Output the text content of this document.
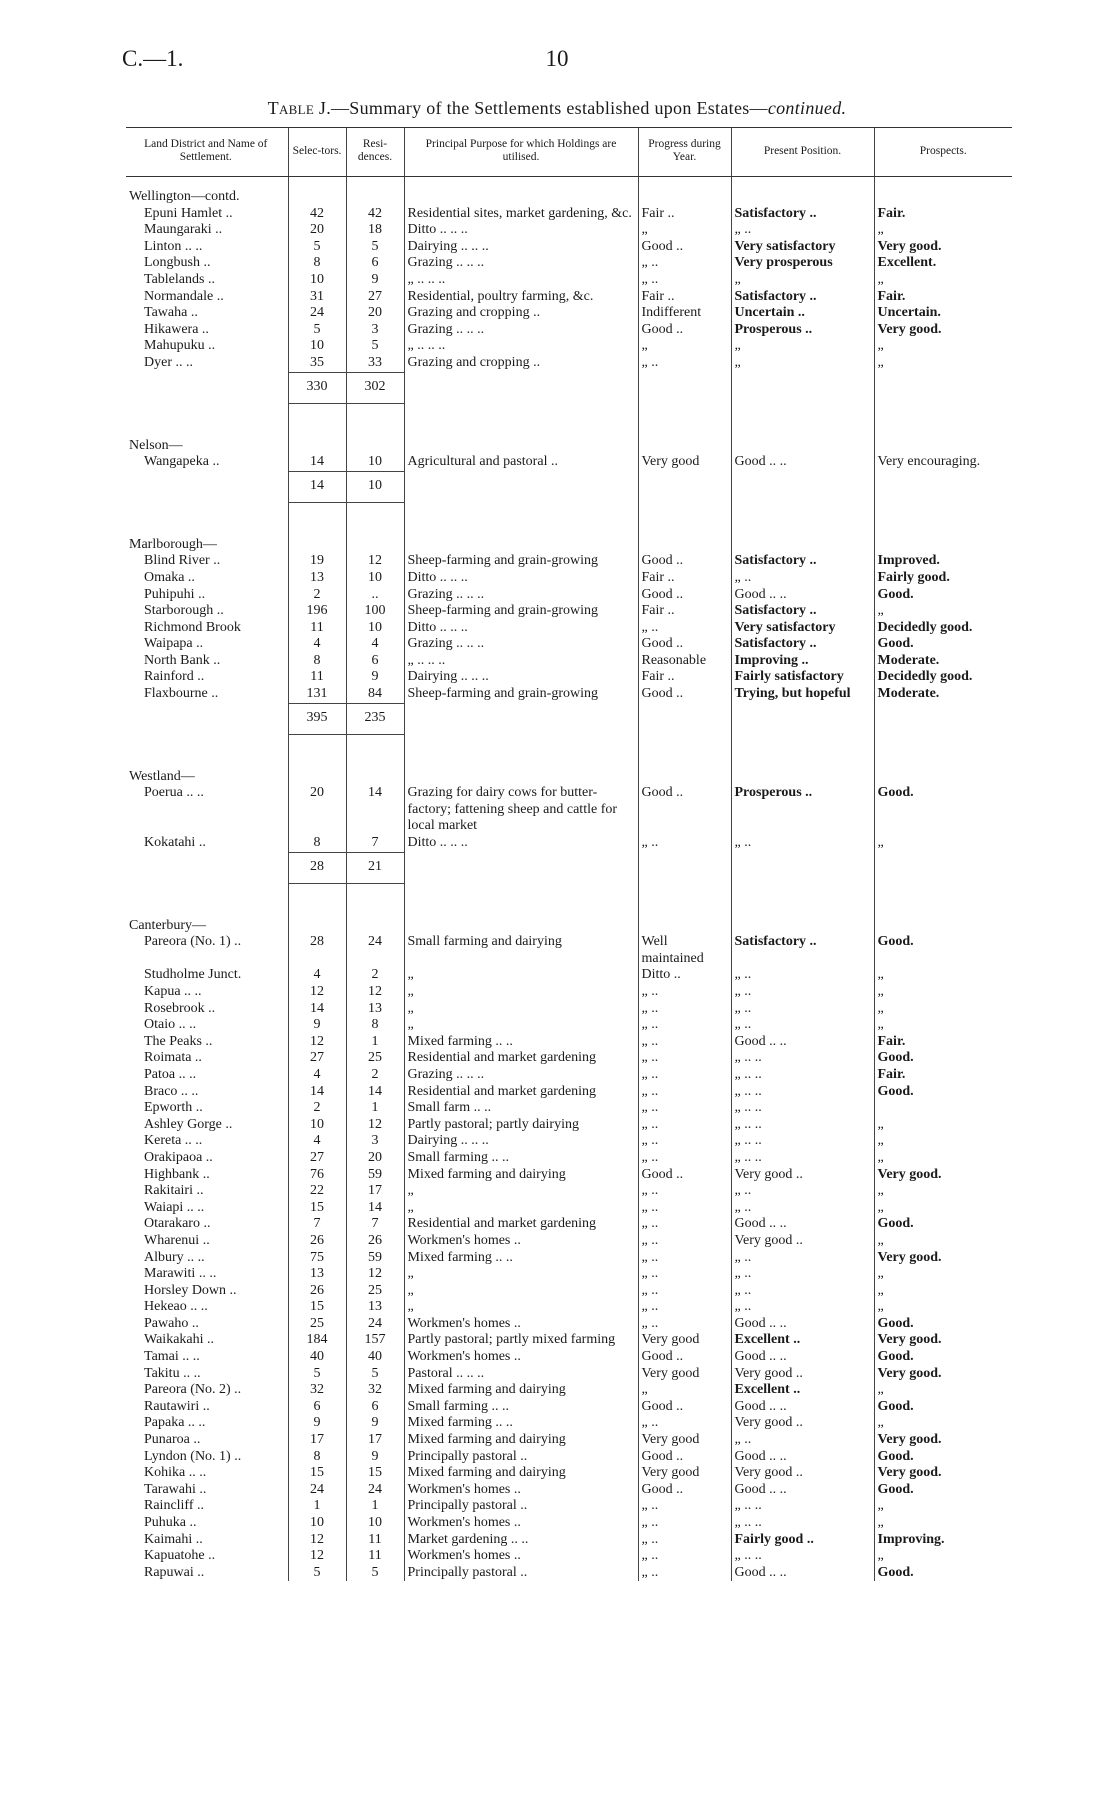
C.—1.	10
Table J.—Summary of the Settlements established upon Estates—continued.
Land District and Name of Settlement.	Selec-tors.	Resi-dences.	Principal Purpose for which Holdings are utilised.	Progress during Year.	Present Position.	Prospects.
Wellington—contd.						
Epuni Hamlet ..	42	42	Residential sites, market gardening, &c.	Fair ..	Satisfactory ..	Fair.
Maungaraki ..	20	18	Ditto .. .. ..	„	„ ..	„
Linton .. ..	5	5	Dairying .. .. ..	Good ..	Very satisfactory	Very good.
Longbush ..	8	6	Grazing .. .. ..	„ ..	Very prosperous	Excellent.
Tablelands ..	10	9	„ .. .. ..	„ ..	„	„
Normandale ..	31	27	Residential, poultry farming, &c.	Fair ..	Satisfactory ..	Fair.
Tawaha ..	24	20	Grazing and cropping ..	Indifferent	Uncertain ..	Uncertain.
Hikawera ..	5	3	Grazing .. .. ..	Good ..	Prosperous ..	Very good.
Mahupuku ..	10	5	„ .. .. ..	„	„	„
Dyer .. ..	35	33	Grazing and cropping ..	„ ..	„	„
	330	302				

Nelson—						
Wangapeka ..	14	10	Agricultural and pastoral ..	Very good	Good .. ..	Very encouraging.
	14	10				

Marlborough—						
Blind River ..	19	12	Sheep-farming and grain-growing	Good ..	Satisfactory ..	Improved.
Omaka ..	13	10	Ditto .. .. ..	Fair ..	„ ..	Fairly good.
Puhipuhi ..	2	..	Grazing .. .. ..	Good ..	Good .. ..	Good.
Starborough ..	196	100	Sheep-farming and grain-growing	Fair ..	Satisfactory ..	„
Richmond Brook	11	10	Ditto .. .. ..	„ ..	Very satisfactory	Decidedly good.
Waipapa ..	4	4	Grazing .. .. ..	Good ..	Satisfactory ..	Good.
North Bank ..	8	6	„ .. .. ..	Reasonable	Improving ..	Moderate.
Rainford ..	11	9	Dairying .. .. ..	Fair ..	Fairly satisfactory	Decidedly good.
Flaxbourne ..	131	84	Sheep-farming and grain-growing	Good ..	Trying, but hopeful	Moderate.
	395	235				

Westland—						
Poerua .. ..	20	14	Grazing for dairy cows for butter-factory; fattening sheep and cattle for local market	Good ..	Prosperous ..	Good.
Kokatahi ..	8	7	Ditto .. .. ..	„ ..	„ ..	„
	28	21				

Canterbury—						
Pareora (No. 1) ..	28	24	Small farming and dairying	Well maintained	Satisfactory ..	Good.
Studholme Junct.	4	2	„	Ditto ..	„ ..	„
Kapua .. ..	12	12	„	„ ..	„ ..	„
Rosebrook ..	14	13	„	„ ..	„ ..	„
Otaio .. ..	9	8	„	„ ..	„ ..	„
The Peaks ..	12	1	Mixed farming .. ..	„ ..	Good .. ..	Fair.
Roimata ..	27	25	Residential and market gardening	„ ..	„ .. ..	Good.
Patoa .. ..	4	2	Grazing .. .. ..	„ ..	„ .. ..	Fair.
Braco .. ..	14	14	Residential and market gardening	„ ..	„ .. ..	Good.
Epworth ..	2	1	Small farm .. ..	„ ..	„ .. ..	
Ashley Gorge ..	10	12	Partly pastoral; partly dairying	„ ..	„ .. ..	„
Kereta .. ..	4	3	Dairying .. .. ..	„ ..	„ .. ..	„
Orakipaoa ..	27	20	Small farming .. ..	„ ..	„ .. ..	„
Highbank ..	76	59	Mixed farming and dairying	Good ..	Very good ..	Very good.
Rakitairi ..	22	17	„	„ ..	„ ..	„
Waiapi .. ..	15	14	„	„ ..	„ ..	„
Otarakaro ..	7	7	Residential and market gardening	„ ..	Good .. ..	Good.
Wharenui ..	26	26	Workmen's homes ..	„ ..	Very good ..	„
Albury .. ..	75	59	Mixed farming .. ..	„ ..	„ ..	Very good.
Marawiti .. ..	13	12	„	„ ..	„ ..	„
Horsley Down ..	26	25	„	„ ..	„ ..	„
Hekeao .. ..	15	13	„	„ ..	„ ..	„
Pawaho ..	25	24	Workmen's homes ..	„ ..	Good .. ..	Good.
Waikakahi ..	184	157	Partly pastoral; partly mixed farming	Very good	Excellent ..	Very good.
Tamai .. ..	40	40	Workmen's homes ..	Good ..	Good .. ..	Good.
Takitu .. ..	5	5	Pastoral .. .. ..	Very good	Very good ..	Very good.
Pareora (No. 2) ..	32	32	Mixed farming and dairying	„	Excellent ..	„
Rautawiri ..	6	6	Small farming .. ..	Good ..	Good .. ..	Good.
Papaka .. ..	9	9	Mixed farming .. ..	„ ..	Very good ..	„
Punaroa ..	17	17	Mixed farming and dairying	Very good	„ ..	Very good.
Lyndon (No. 1) ..	8	9	Principally pastoral ..	Good ..	Good .. ..	Good.
Kohika .. ..	15	15	Mixed farming and dairying	Very good	Very good ..	Very good.
Tarawahi ..	24	24	Workmen's homes ..	Good ..	Good .. ..	Good.
Raincliff ..	1	1	Principally pastoral ..	„ ..	„ .. ..	„
Puhuka ..	10	10	Workmen's homes ..	„ ..	„ .. ..	„
Kaimahi ..	12	11	Market gardening .. ..	„ ..	Fairly good ..	Improving.
Kapuatohe ..	12	11	Workmen's homes ..	„ ..	„ .. ..	„
Rapuwai ..	5	5	Principally pastoral ..	„ ..	Good .. ..	Good.
